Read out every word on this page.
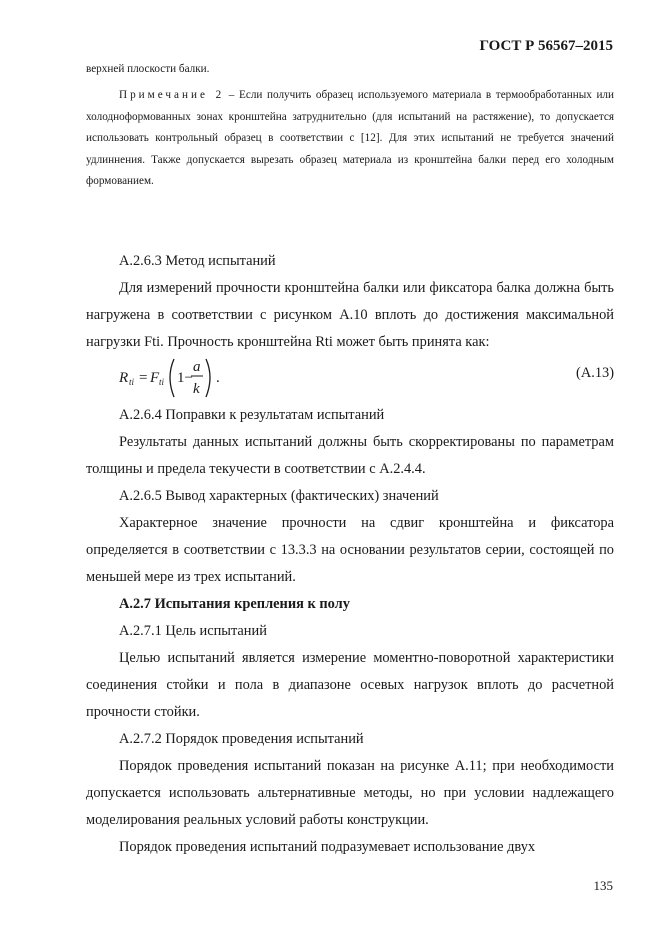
ГОСТ Р 56567–2015
верхней плоскости балки.

Примечание 2 – Если получить образец используемого материала в термообработанных или холоднoформованных зонах кронштейна затруднительно (для испытаний на растяжение), то допускается использовать контрольный образец в соответствии с [12]. Для этих испытаний не требуется значений удлиннения. Также допускается вырезать образец материала из кронштейна балки перед его холодным формованием.

А.2.6.3 Метод испытаний

Для измерений прочности кронштейна балки или фиксатора балка должна быть нагружена в соответствии с рисунком А.10 вплоть до достижения максимальной нагрузки Fti. Прочность кронштейна Rti может быть принята как:

R ti = F ti 1−
a
k
.	(А.13)
А.2.6.4 Поправки к результатам испытаний

Результаты данных испытаний должны быть скорректированы по параметрам толщины и предела текучести в соответствии с А.2.4.4.

А.2.6.5 Вывод характерных (фактических) значений

Характерное значение прочности на сдвиг кронштейна и фиксатора определяется в соответствии с 13.3.3 на основании результатов серии, состоящей по меньшей мере из трех испытаний.

А.2.7 Испытания крепления к полу
А.2.7.1 Цель испытаний

Целью испытаний является измерение моментно-поворотной характеристики соединения стойки и пола в диапазоне осевых нагрузок вплоть до расчетной прочности стойки.

А.2.7.2 Порядок проведения испытаний

Порядок проведения испытаний показан на рисунке А.11; при необходимости допускается использовать альтернативные методы, но при условии надлежащего моделирования реальных условий работы конструкции.

Порядок проведения испытаний подразумевает использование двух

135
